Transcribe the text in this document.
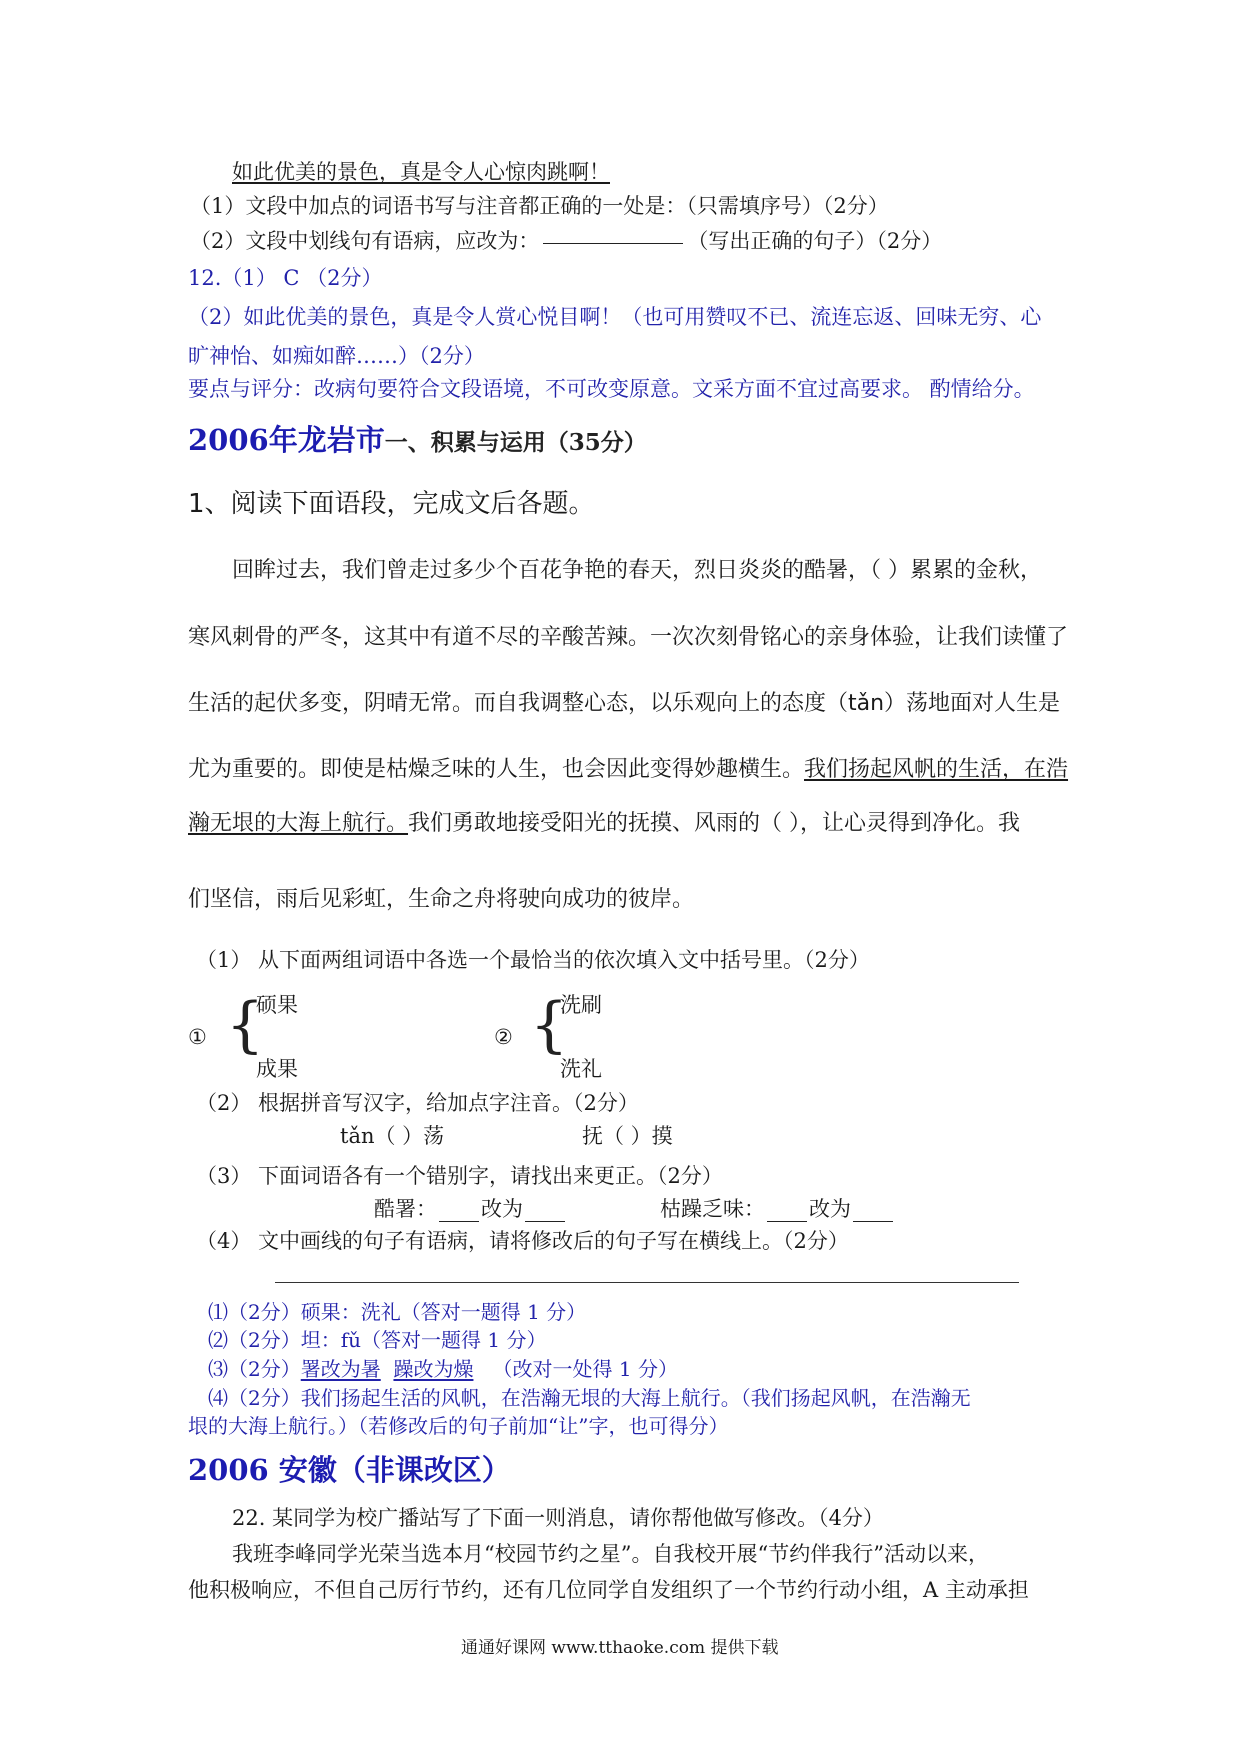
如此优美的景色，真是令人心惊肉跳啊！
（1）文段中加点的词语书写与注音都正确的一处是：（只需填序号）（2分）
（2）文段中划线句有语病，应改为：	（写出正确的句子）（2分）
12.（1） C （2分）
（2）如此优美的景色，真是令人赏心悦目啊！（也可用赞叹不已、流连忘返、回味无穷、心
旷神怡、如痴如醉……）（2分）
要点与评分：改病句要符合文段语境，不可改变原意。文采方面不宜过高要求。 酌情给分。
2006年龙岩市一、积累与运用（35分）
1、阅读下面语段，完成文后各题。
回眸过去，我们曾走过多少个百花争艳的春天，烈日炎炎的酷暑，（ ）累累的金秋，
寒风刺骨的严冬，这其中有道不尽的辛酸苦辣。一次次刻骨铭心的亲身体验，让我们读懂了
生活的起伏多变，阴晴无常。而自我调整心态，以乐观向上的态度（tǎn）荡地面对人生是
尤为重要的。即使是枯燥乏味的人生，也会因此变得妙趣横生。我们扬起风帆的生活，在浩
瀚无垠的大海上航行。我们勇敢地接受阳光的抚摸、风雨的（ ），让心灵得到净化。我
们坚信，雨后见彩虹，生命之舟将驶向成功的彼岸。
（1） 从下面两组词语中各选一个最恰当的依次填入文中括号里。（2分）
① {
硕果
成果
② {
洗刷
洗礼
（2） 根据拼音写汉字，给加点字注音。（2分）
tǎn（ ）荡	抚（ ）摸
（3） 下面词语各有一个错别字，请找出来更正。（2分）
酷署： 改为	枯躁乏味： 改为
（4） 文中画线的句子有语病，请将修改后的句子写在横线上。（2分）
⑴（2分）硕果：洗礼（答对一题得 1 分）
⑵（2分）坦：fǔ（答对一题得 1 分）
⑶（2分）署改为暑 躁改为燥 （改对一处得 1 分）
⑷（2分）我们扬起生活的风帆，在浩瀚无垠的大海上航行。（我们扬起风帆，在浩瀚无
垠的大海上航行。）（若修改后的句子前加“让”字，也可得分）
2006 安徽（非课改区）
22. 某同学为校广播站写了下面一则消息，请你帮他做写修改。（4分）
我班李峰同学光荣当选本月“校园节约之星”。自我校开展“节约伴我行”活动以来，
他积极响应，不但自己厉行节约，还有几位同学自发组织了一个节约行动小组，A 主动承担
通通好课网 www.tthaoke.com 提供下载
